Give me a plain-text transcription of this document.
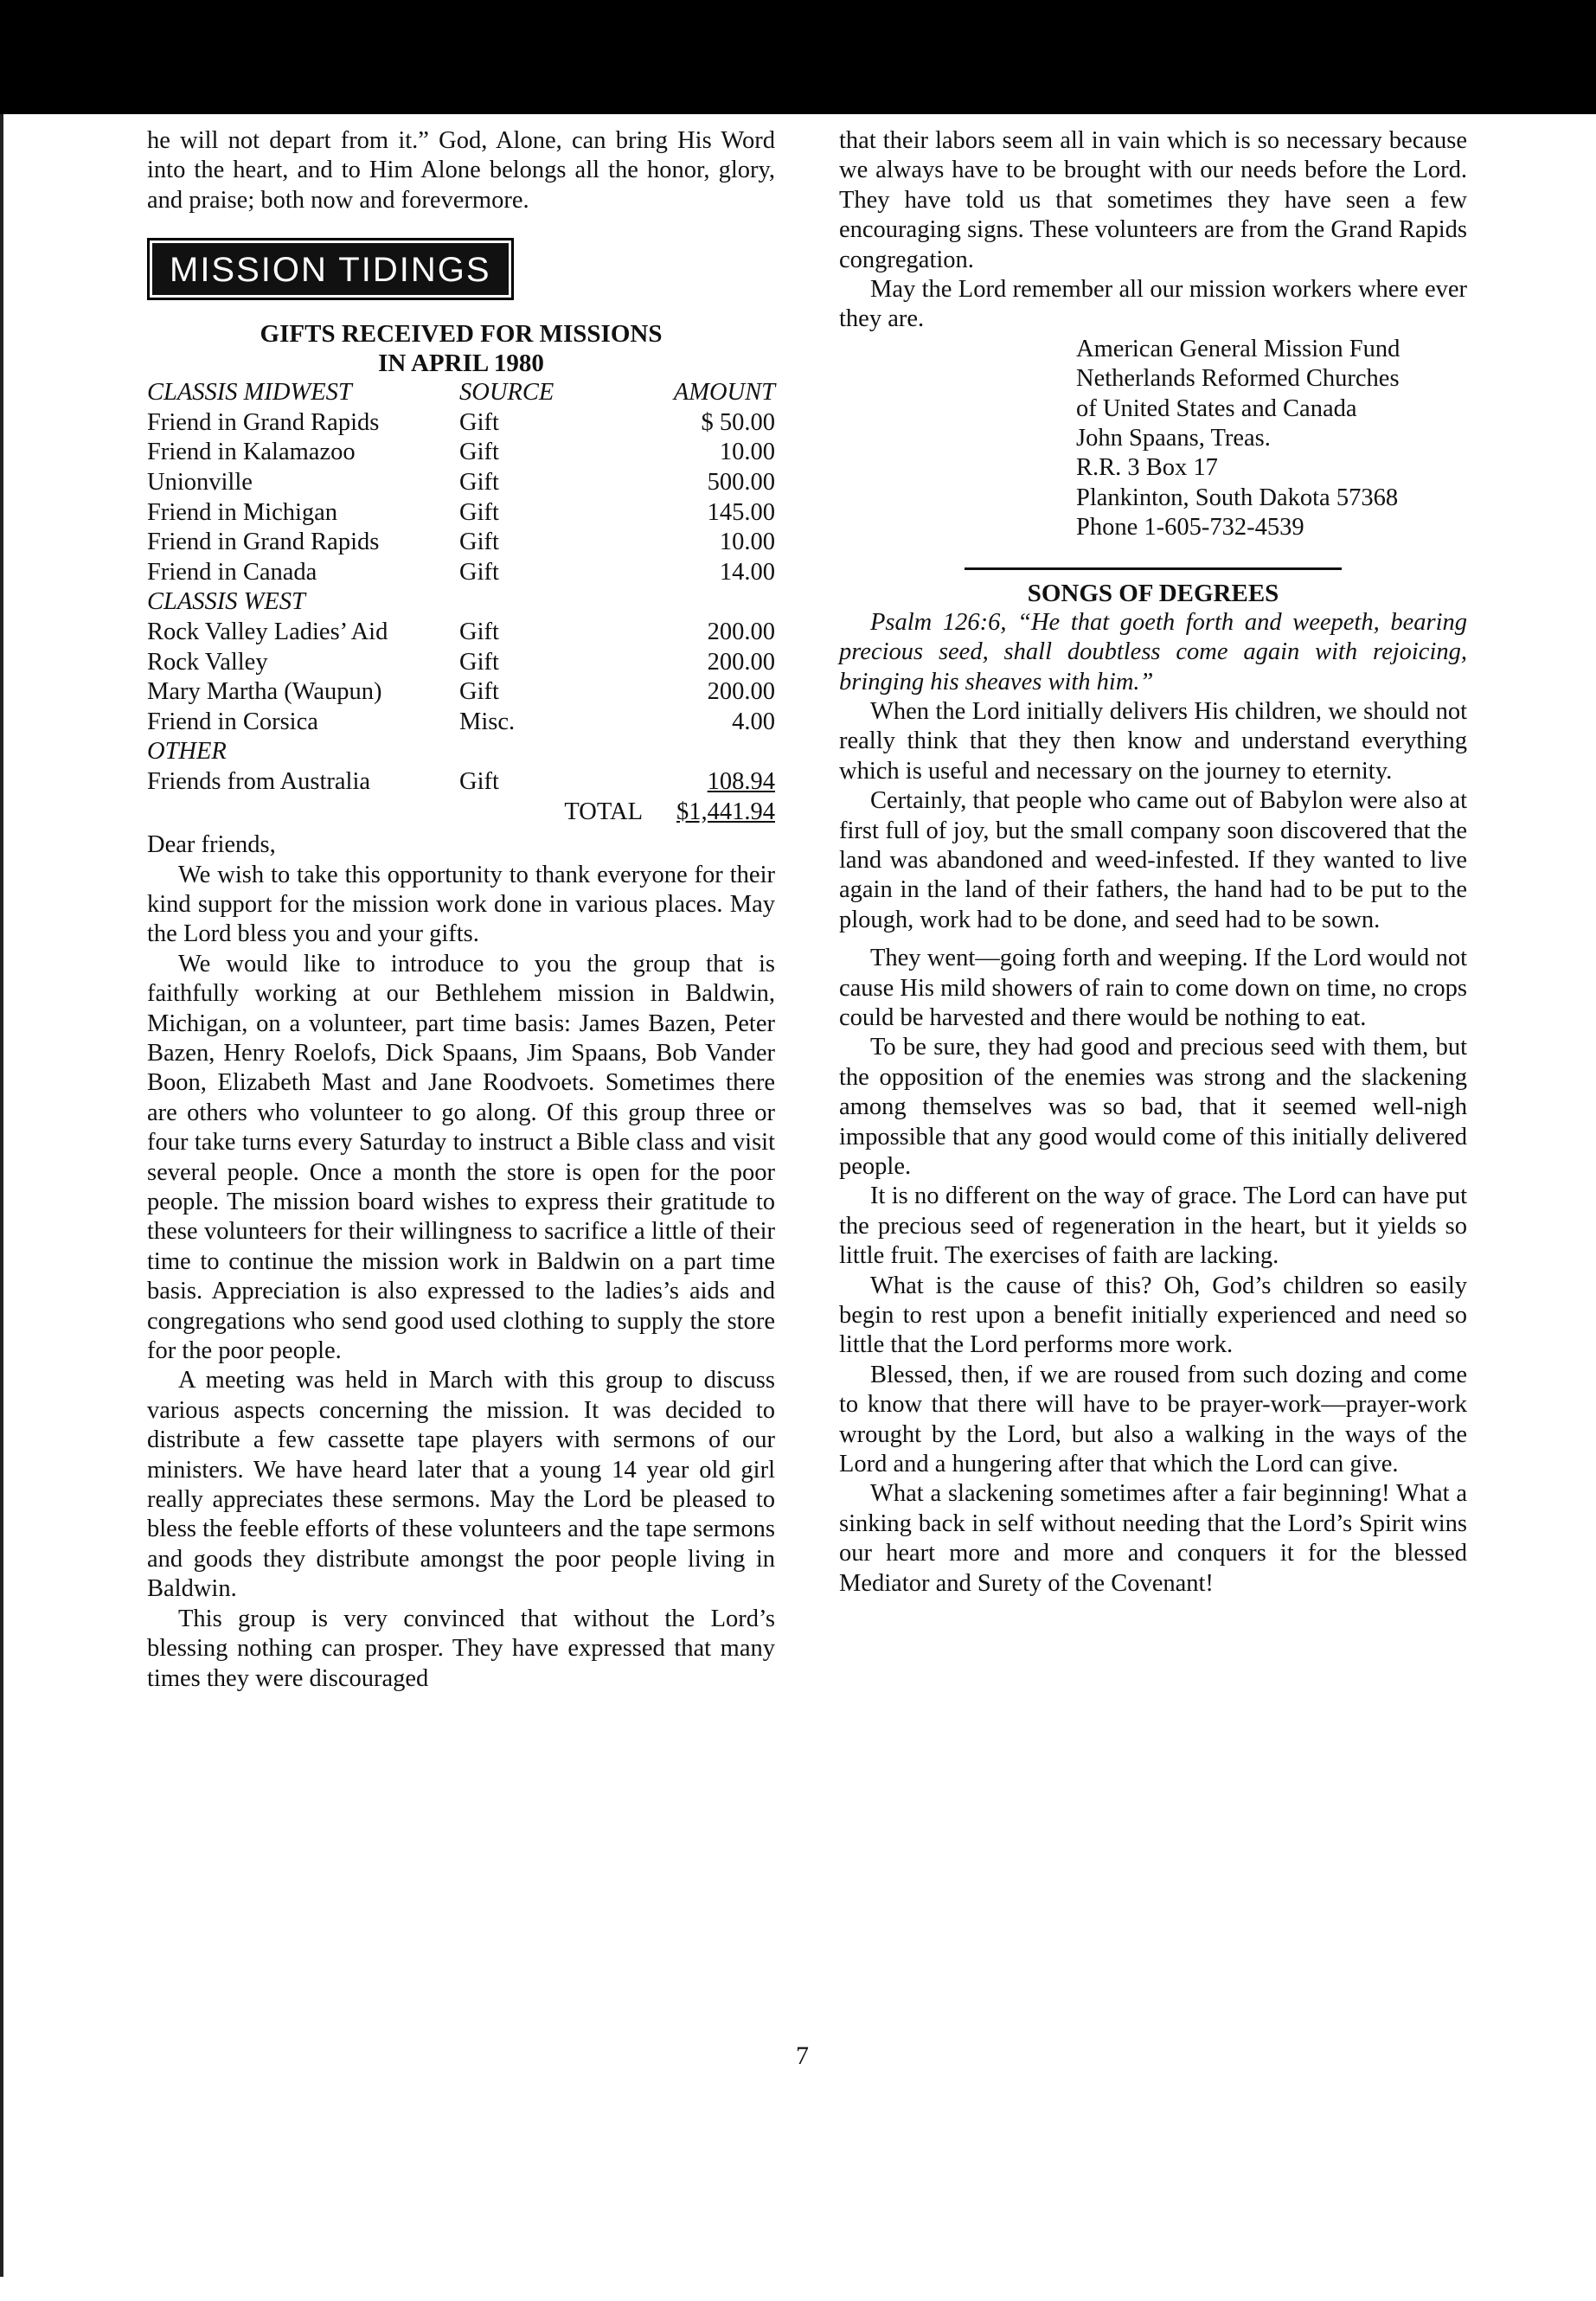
he will not depart from it.” God, Alone, can bring His Word into the heart, and to Him Alone belongs all the honor, glory, and praise; both now and forevermore.

MISSION TIDINGS
GIFTS RECEIVED FOR MISSIONS
IN APRIL 1980
CLASSIS MIDWEST	SOURCE	AMOUNT
Friend in Grand Rapids	Gift	$ 50.00
Friend in Kalamazoo	Gift	10.00
Unionville	Gift	500.00
Friend in Michigan	Gift	145.00
Friend in Grand Rapids	Gift	10.00
Friend in Canada	Gift	14.00
CLASSIS WEST		
Rock Valley Ladies’ Aid	Gift	200.00
Rock Valley	Gift	200.00
Mary Martha (Waupun)	Gift	200.00
Friend in Corsica	Misc.	4.00
OTHER		
Friends from Australia	Gift	108.94
	TOTAL	$1,441.94

Dear friends,

We wish to take this opportunity to thank everyone for their kind support for the mission work done in various places. May the Lord bless you and your gifts.

We would like to introduce to you the group that is faithfully working at our Bethlehem mission in Baldwin, Michigan, on a volunteer, part time basis: James Bazen, Peter Bazen, Henry Roelofs, Dick Spaans, Jim Spaans, Bob Vander Boon, Elizabeth Mast and Jane Roodvoets. Sometimes there are others who volunteer to go along. Of this group three or four take turns every Saturday to instruct a Bible class and visit several people. Once a month the store is open for the poor people. The mission board wishes to express their gratitude to these volunteers for their willingness to sacrifice a little of their time to continue the mission work in Baldwin on a part time basis. Appreciation is also expressed to the ladies’s aids and congregations who send good used clothing to supply the store for the poor people.

A meeting was held in March with this group to discuss various aspects concerning the mission. It was decided to distribute a few cassette tape players with sermons of our ministers. We have heard later that a young 14 year old girl really appreciates these sermons. May the Lord be pleased to bless the feeble efforts of these volunteers and the tape sermons and goods they distribute amongst the poor people living in Baldwin.

This group is very convinced that without the Lord’s blessing nothing can prosper. They have expressed that many times they were discouraged

that their labors seem all in vain which is so necessary because we always have to be brought with our needs before the Lord. They have told us that sometimes they have seen a few encouraging signs. These volunteers are from the Grand Rapids congregation.

May the Lord remember all our mission workers where ever they are.

American General Mission Fund
Netherlands Reformed Churches
of United States and Canada
John Spaans, Treas.
R.R. 3 Box 17
Plankinton, South Dakota 57368
Phone 1-605-732-4539
SONGS OF DEGREES

Psalm 126:6, “He that goeth forth and weepeth, bearing precious seed, shall doubtless come again with rejoicing, bringing his sheaves with him.”

When the Lord initially delivers His children, we should not really think that they then know and understand everything which is useful and necessary on the journey to eternity.

Certainly, that people who came out of Babylon were also at first full of joy, but the small company soon discovered that the land was abandoned and weed-infested. If they wanted to live again in the land of their fathers, the hand had to be put to the plough, work had to be done, and seed had to be sown.

They went—going forth and weeping. If the Lord would not cause His mild showers of rain to come down on time, no crops could be harvested and there would be nothing to eat.

To be sure, they had good and precious seed with them, but the opposition of the enemies was strong and the slackening among themselves was so bad, that it seemed well-nigh impossible that any good would come of this initially delivered people.

It is no different on the way of grace. The Lord can have put the precious seed of regeneration in the heart, but it yields so little fruit. The exercises of faith are lacking.

What is the cause of this? Oh, God’s children so easily begin to rest upon a benefit initially experienced and need so little that the Lord performs more work.

Blessed, then, if we are roused from such dozing and come to know that there will have to be prayer-work—prayer-work wrought by the Lord, but also a walking in the ways of the Lord and a hungering after that which the Lord can give.

What a slackening sometimes after a fair beginning! What a sinking back in self without needing that the Lord’s Spirit wins our heart more and more and conquers it for the blessed Mediator and Surety of the Covenant!

7
